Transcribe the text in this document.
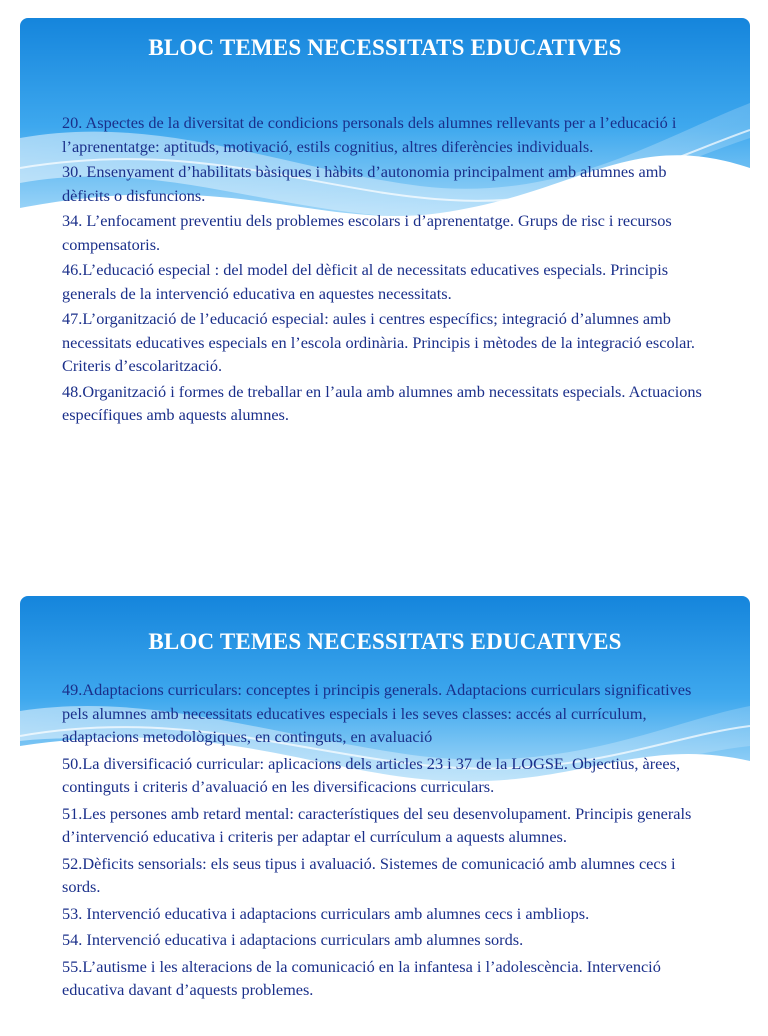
BLOC TEMES NECESSITATS EDUCATIVES

20. Aspectes de la diversitat de condicions personals dels alumnes rellevants per a l’educació i l’aprenentatge: aptituds, motivació, estils cognitius, altres diferències individuals.

30. Ensenyament d’habilitats bàsiques i hàbits d’autonomia principalment amb alumnes amb dèficits o disfuncions.

34. L’enfocament preventiu dels problemes escolars i d’aprenentatge. Grups de risc i recursos compensatoris.

46.L’educació especial : del model del dèficit al de necessitats educatives especials. Principis generals de la intervenció educativa en aquestes necessitats.

47.L’organització de l’educació especial: aules i centres específics; integració d’alumnes amb necessitats educatives especials en l’escola ordinària. Principis i mètodes de la integració escolar. Criteris d’escolarització.

48.Organització i formes de treballar en l’aula amb alumnes amb necessitats especials. Actuacions específiques amb aquests alumnes.

BLOC TEMES NECESSITATS EDUCATIVES

49.Adaptacions curriculars: conceptes i principis generals. Adaptacions curriculars significatives pels alumnes amb necessitats educatives especials i les seves classes: accés al currículum, adaptacions metodològiques, en continguts, en avaluació

50.La diversificació curricular: aplicacions dels articles 23 i 37 de la LOGSE. Objectius, àrees, continguts i criteris d’avaluació en les diversificacions curriculars.

51.Les persones amb retard mental: característiques del seu desenvolupament. Principis generals d’intervenció educativa i criteris per adaptar el currículum a aquests alumnes.

52.Dèficits sensorials: els seus tipus i avaluació. Sistemes de comunicació amb alumnes cecs i sords.

53. Intervenció educativa i adaptacions curriculars amb alumnes cecs i ambliops.

54. Intervenció educativa i adaptacions curriculars amb alumnes sords.

55.L’autisme i les alteracions de la comunicació en la infantesa i l’adolescència. Intervenció educativa davant d’aquests problemes.
